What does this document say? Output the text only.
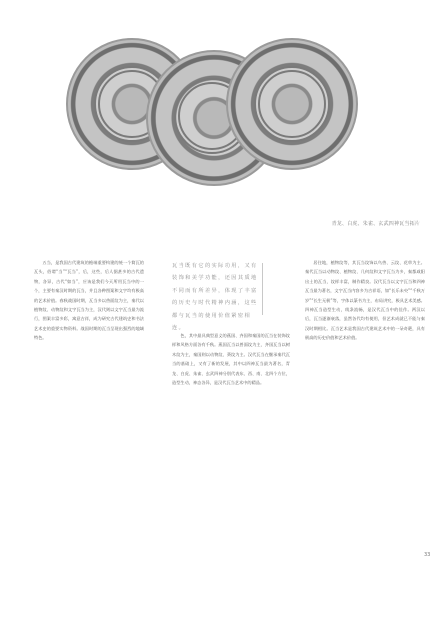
青龙、白虎、朱雀、玄武四神瓦当拓片

五当，是我国古代建筑的檐端重要构建的统一个简瓦的瓦头，俗谓“当”“瓦当”，后，这些，后人据甚多的古代遗物，各异，古代“如当”，应该是我们今天所用瓦当中的一个，主要有秦汉时期的瓦当，并且各种图案和文字均有极高的艺术价值。春秋战国时期，瓦当多以兽面纹为主，秦代以植物纹、动物纹和文字瓦当为主，汉代则以文字瓦当最为流行，图案丰富多彩，寓意吉祥，成为研究古代建筑史和书法艺术史的重要实物资料。战国时期的瓦当呈现出强烈的地域特色。

瓦当既有它的实际功用，又有装饰和美学功能，还因其质地不同而有所差异，体现了丰富的历史与时代精神内涵，这些都与瓦当的使用价值紧密相连。

色，其中最具典型意义的燕国、齐国和秦国的瓦当在装饰纹样和风格方面各有千秋。燕国瓦当以兽面纹为主，齐国瓦当以树木纹为主，秦国则以动物纹、葵纹为主。汉代瓦当在继承秦代瓦当的基础上，又有了新的发展，其中以四神瓦当最为著名，青龙、白虎、朱雀、玄武四神分别代表东、西、南、北四个方位，造型生动，神态各异，是汉代瓦当艺术中的精品。

居住地，植物纹等，其瓦当纹饰以鸟兽、云纹、花草为主。秦代瓦当以动物纹、植物纹、几何纹和文字瓦当为多，秦都咸阳出土的瓦当，纹样丰富，制作精良。汉代瓦当以文字瓦当和四神瓦当最为著名，文字瓦当内容多为吉祥语，如“长乐未央”“千秋万岁”“长生无极”等，字体以篆书为主，布局讲究，极具艺术美感。四神瓦当造型生动，线条流畅，是汉代瓦当中的佳作。两汉以后，瓦当逐渐衰落，虽然各代均有使用，但艺术成就已不能与秦汉时期相比。瓦当艺术是我国古代建筑艺术中的一朵奇葩，具有极高的历史价值和艺术价值。

33
